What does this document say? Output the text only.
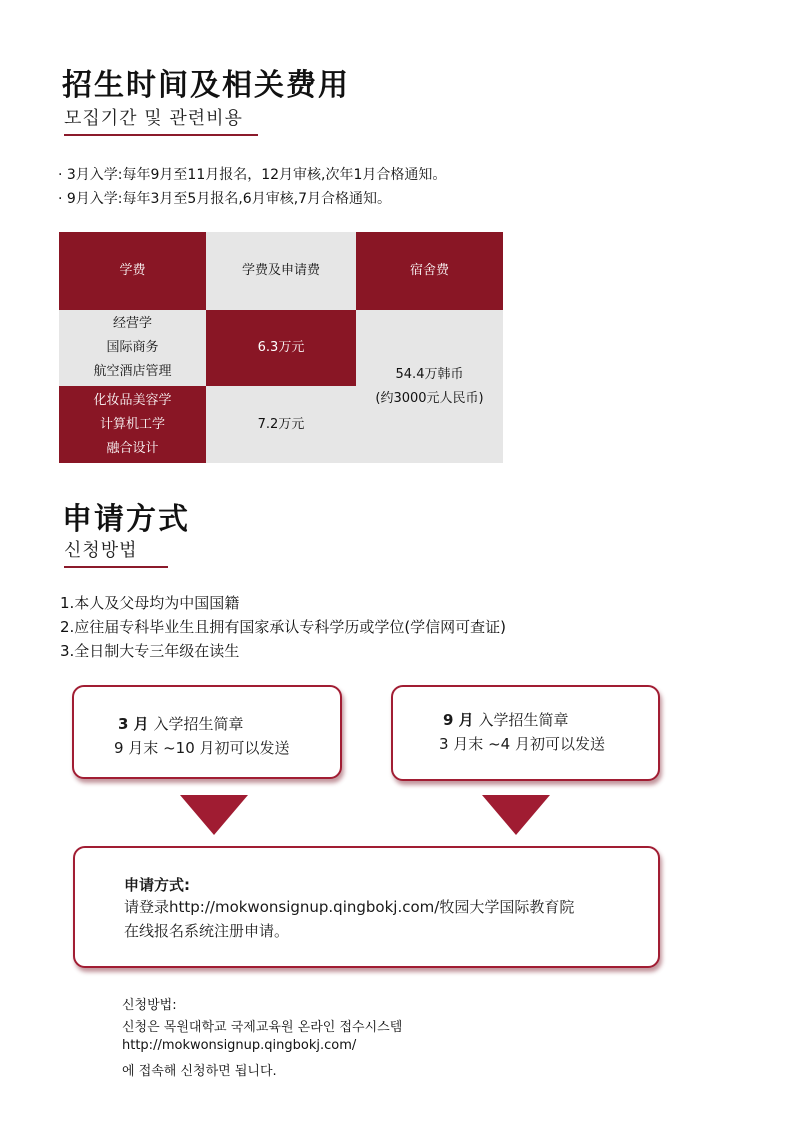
招生时间及相关费用
모집기간 및 관련비용
· 3月入学:每年9月至11月报名，12月审核,次年1月合格通知。
· 9月入学:每年3月至5月报名,6月审核,7月合格通知。
学费	学费及申请费	宿舍费
经营学
国际商务
航空酒店管理
6.3万元
化妆品美容学
计算机工学
融合设计
7.2万元
54.4万韩币
(约3000元人民币)
申请方式
신청방법
1.本人及父母均为中国国籍
2.应往届专科毕业生且拥有国家承认专科学历或学位(学信网可查证)
3.全日制大专三年级在读生
3 月 入学招生简章
9 月末 ~10 月初可以发送
9 月 入学招生简章
3 月末 ~4 月初可以发送
申请方式:
请登录http://mokwonsignup.qingbokj.com/牧园大学国际教育院
在线报名系统注册申请。
신청방법:
신청은 목원대학교 국제교육원 온라인 접수시스템
http://mokwonsignup.qingbokj.com/
에 접속해 신청하면 됩니다.
